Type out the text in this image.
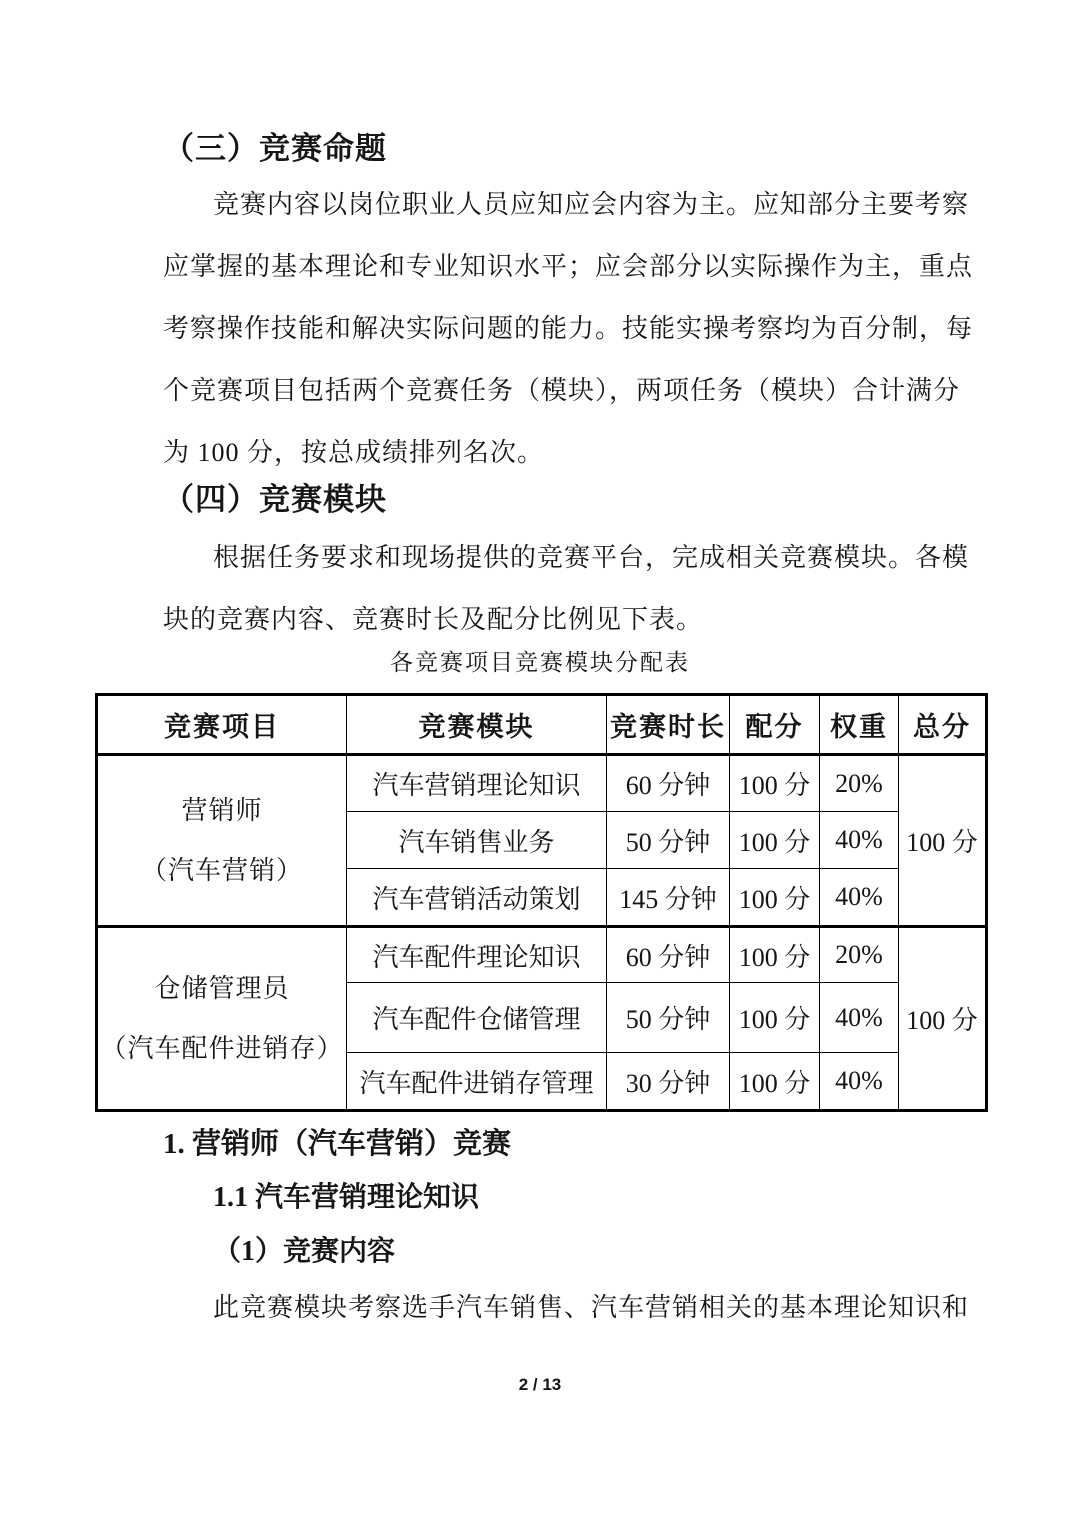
（三）竞赛命题
竞赛内容以岗位职业人员应知应会内容为主。应知部分主要考察
应掌握的基本理论和专业知识水平；应会部分以实际操作为主，重点
考察操作技能和解决实际问题的能力。技能实操考察均为百分制，每
个竞赛项目包括两个竞赛任务（模块），两项任务（模块）合计满分
为 100 分，按总成绩排列名次。
（四）竞赛模块
根据任务要求和现场提供的竞赛平台，完成相关竞赛模块。各模
块的竞赛内容、竞赛时长及配分比例见下表。
各竞赛项目竞赛模块分配表
竞赛项目	竞赛模块	竞赛时长	配分	权重	总分

营销师
（汽车营销）	汽车营销理论知识	60 分钟	100 分	20%	100 分
	汽车销售业务	50 分钟	100 分	40%	
	汽车营销活动策划	145 分钟	100 分	40%	

仓储管理员
（汽车配件进销存）	汽车配件理论知识	60 分钟	100 分	20%	100 分
	汽车配件仓储管理	50 分钟	100 分	40%	
	汽车配件进销存管理	30 分钟	100 分	40%	
1. 营销师（汽车营销）竞赛
1.1 汽车营销理论知识
（1）竞赛内容
此竞赛模块考察选手汽车销售、汽车营销相关的基本理论知识和
2 / 13
